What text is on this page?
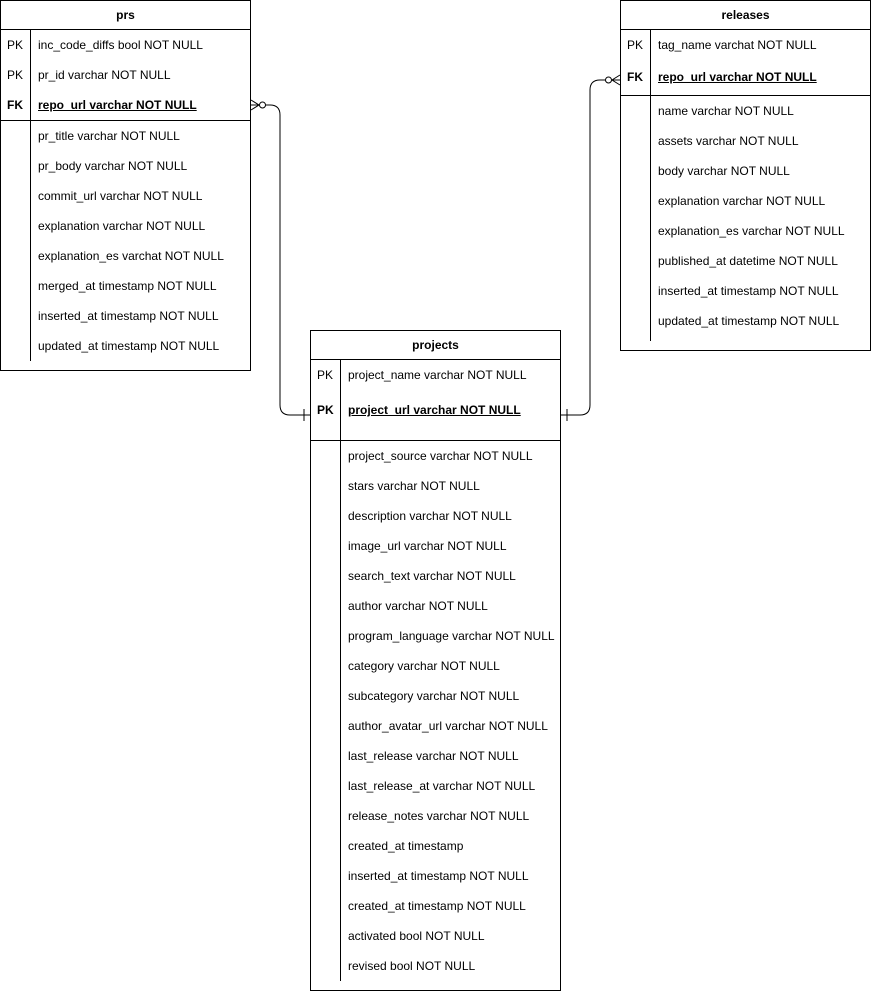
prs
PK inc_code_diffs bool NOT NULL
PK pr_id varchar NOT NULL
FK repo_url varchar NOT NULL
pr_title varchar NOT NULL
pr_body varchar NOT NULL
commit_url varchar NOT NULL
explanation varchar NOT NULL
explanation_es varchat NOT NULL
merged_at timestamp NOT NULL
inserted_at timestamp NOT NULL
updated_at timestamp NOT NULL
releases
PK tag_name varchat NOT NULL
FK repo_url varchar NOT NULL
name varchar NOT NULL
assets varchar NOT NULL
body varchar NOT NULL
explanation varchar NOT NULL
explanation_es varchar NOT NULL
published_at datetime NOT NULL
inserted_at timestamp NOT NULL
updated_at timestamp NOT NULL
projects
PK project_name varchar NOT NULL
PK project_url varchar NOT NULL
project_source varchar NOT NULL
stars varchar NOT NULL
description varchar NOT NULL
image_url varchar NOT NULL
search_text varchar NOT NULL
author varchar NOT NULL
program_language varchar NOT NULL
category varchar NOT NULL
subcategory varchar NOT NULL
author_avatar_url varchar NOT NULL
last_release varchar NOT NULL
last_release_at varchar NOT NULL
release_notes varchar NOT NULL
created_at timestamp
inserted_at timestamp NOT NULL
created_at timestamp NOT NULL
activated bool NOT NULL
revised bool NOT NULL
